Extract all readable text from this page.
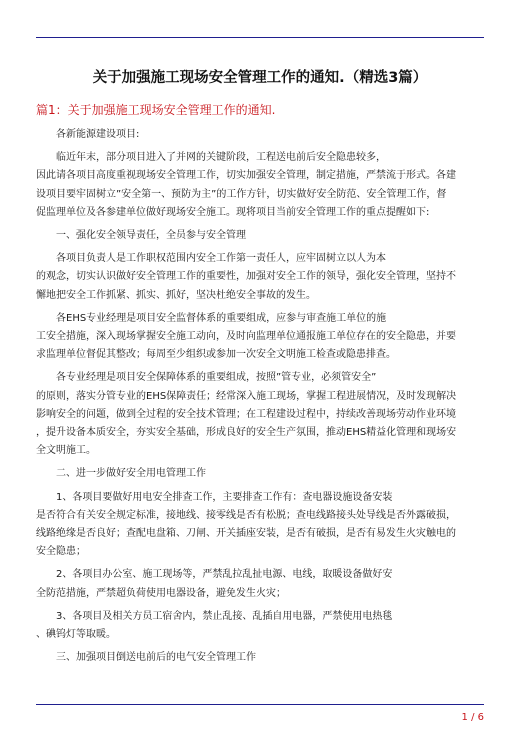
关于加强施工现场安全管理工作的通知.（精选3篇）
篇1：关于加强施工现场安全管理工作的通知.
各新能源建设项目:
临近年末，部分项目进入了并网的关键阶段，工程送电前后安全隐患较多，
因此请各项目高度重视现场安全管理工作，切实加强安全管理，制定措施，严禁流于形式。各建
设项目要牢固树立”安全第一、预防为主”的工作方针，切实做好安全防范、安全管理工作，督
促监理单位及各参建单位做好现场安全施工。现将项目当前安全管理工作的重点提醒如下:
一、强化安全领导责任，全员参与安全管理
各项目负责人是工作职权范围内安全工作第一责任人，应牢固树立以人为本
的观念，切实认识做好安全管理工作的重要性，加强对安全工作的领导，强化安全管理，坚持不
懈地把安全工作抓紧、抓实、抓好，坚决杜绝安全事故的发生。
各EHS专业经理是项目安全监督体系的重要组成，应参与审查施工单位的施
工安全措施，深入现场掌握安全施工动向，及时向监理单位通报施工单位存在的安全隐患，并要
求监理单位督促其整改；每周至少组织或参加一次安全文明施工检查或隐患排查。
各专业经理是项目安全保障体系的重要组成，按照”管专业，必须管安全”
的原则，落实分管专业的EHS保障责任；经常深入施工现场，掌握工程进展情况，及时发现解决
影响安全的问题，做到全过程的安全技术管理；在工程建设过程中，持续改善现场劳动作业环境
，提升设备本质安全，夯实安全基础，形成良好的安全生产氛围，推动EHS精益化管理和现场安
全文明施工。
二、进一步做好安全用电管理工作
1、各项目要做好用电安全排查工作，主要排查工作有：查电器设施设备安装
是否符合有关安全规定标准，接地线、接零线是否有松脱；查电线路接头处导线是否外露破损，
线路绝缘是否良好；查配电盘箱、刀闸、开关插座安装，是否有破损，是否有易发生火灾触电的
安全隐患；
2、各项目办公室、施工现场等，严禁乱拉乱扯电源、电线，取暖设备做好安
全防范措施，严禁超负荷使用电器设备，避免发生火灾；
3、各项目及相关方员工宿舍内，禁止乱接、乱插自用电器，严禁使用电热毯
、碘钨灯等取暖。
三、加强项目倒送电前后的电气安全管理工作
1 / 6
